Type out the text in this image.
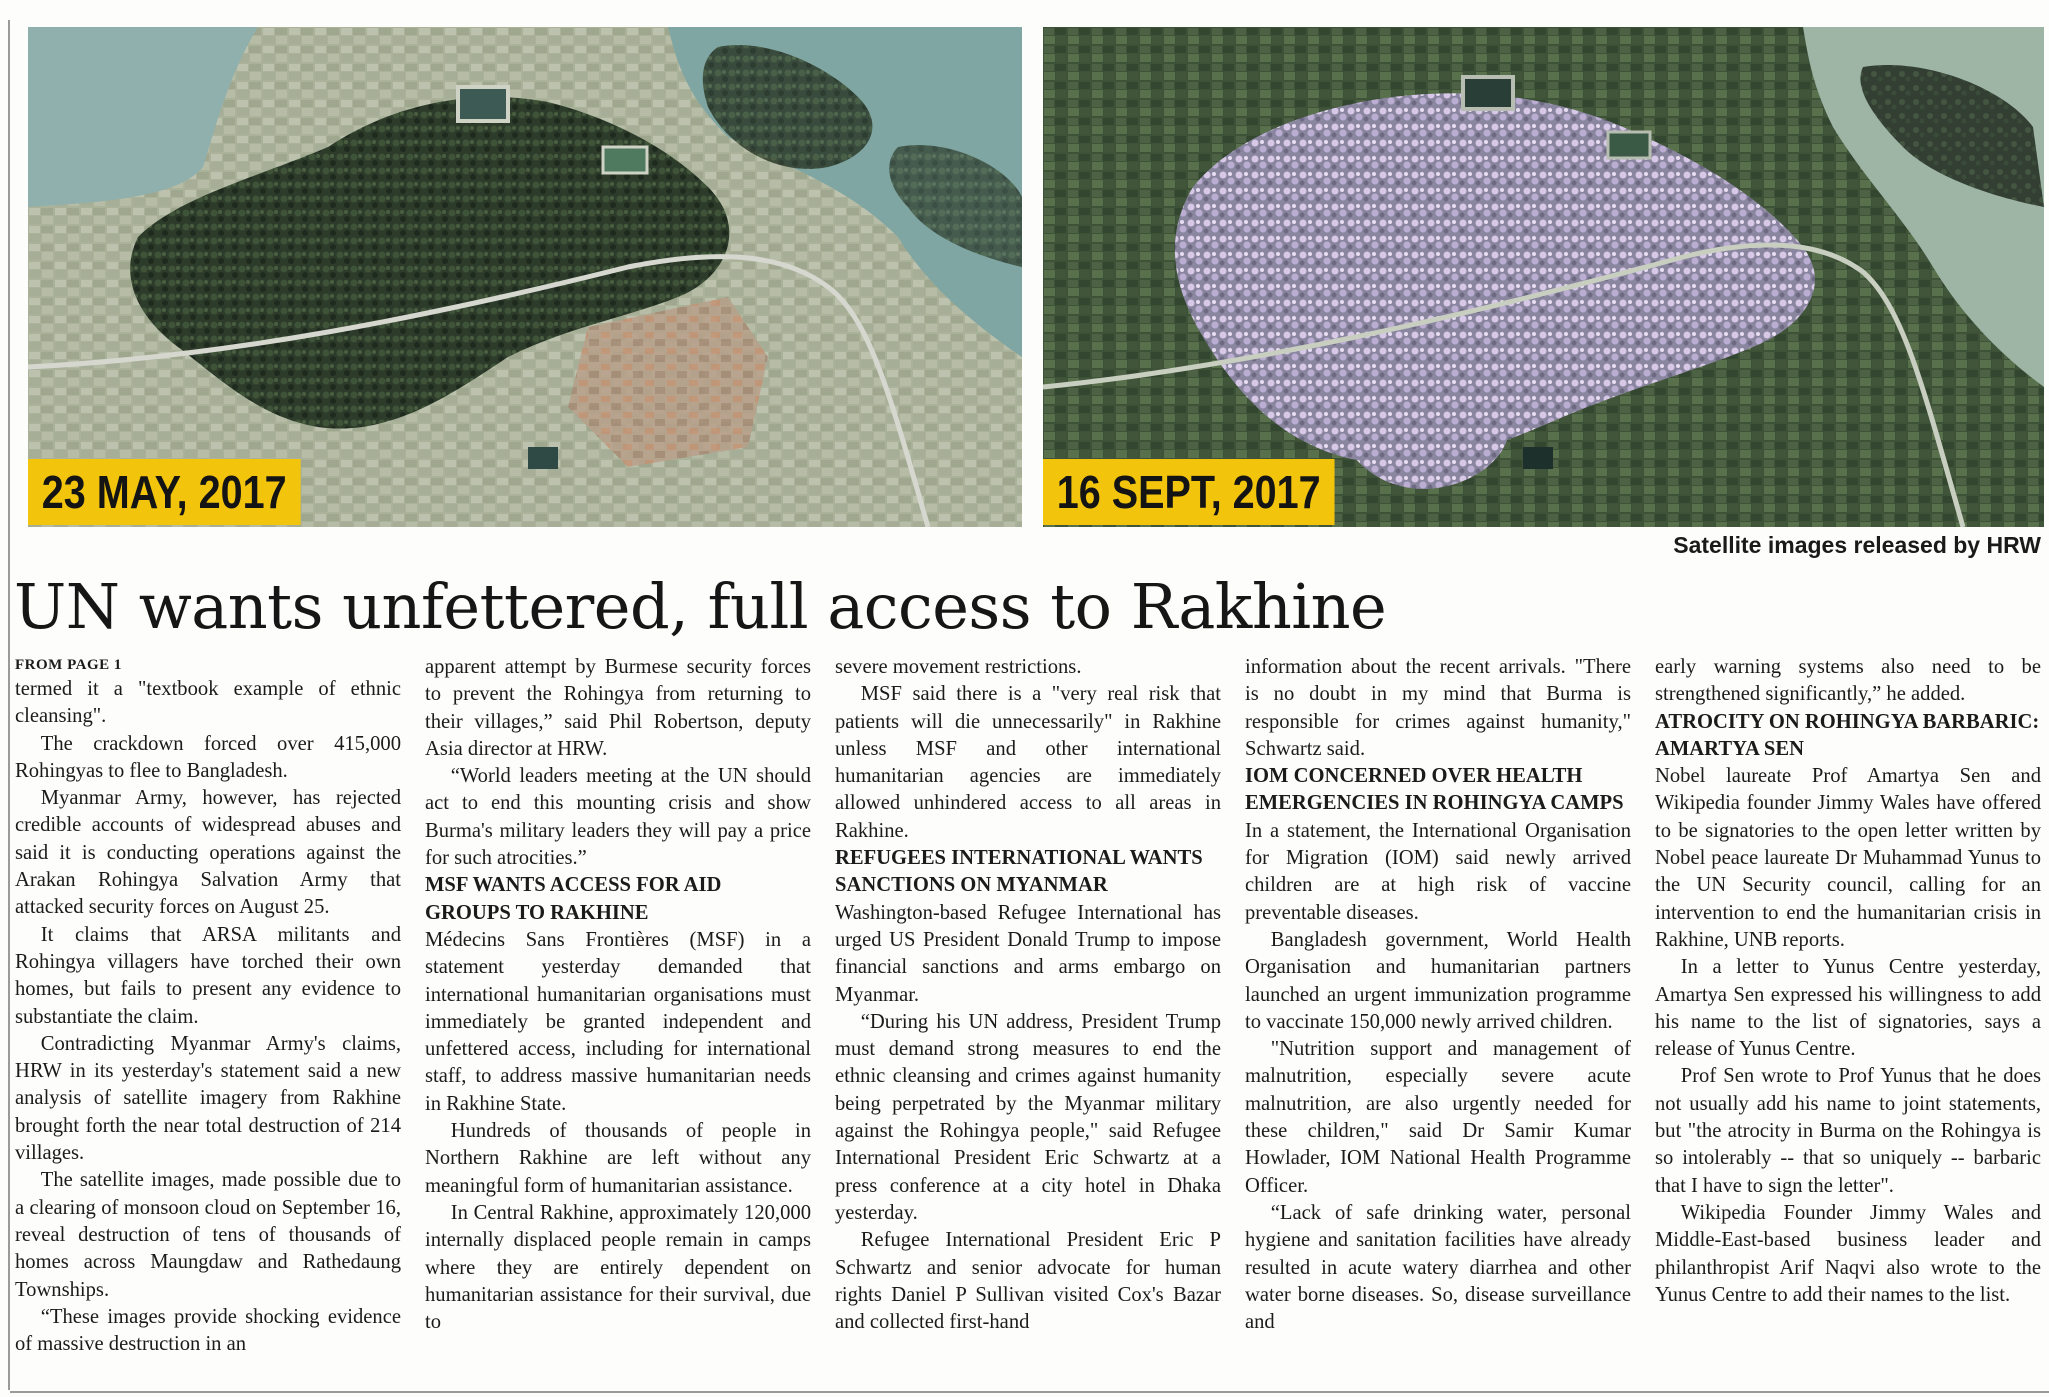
23 MAY, 2017	16 SEPT, 2017
Satellite images released by HRW
UN wants unfettered, full access to Rakhine

FROM PAGE 1

termed it a "textbook example of ethnic cleansing".

The crackdown forced over 415,000 Rohingyas to flee to Bangladesh.

Myanmar Army, however, has rejected credible accounts of widespread abuses and said it is conducting operations against the Arakan Rohingya Salvation Army that attacked security forces on August 25.

It claims that ARSA militants and Rohingya villagers have torched their own homes, but fails to present any evidence to substantiate the claim.

Contradicting Myanmar Army's claims, HRW in its yesterday's statement said a new analysis of satellite imagery from Rakhine brought forth the near total destruction of 214 villages.

The satellite images, made possible due to a clearing of monsoon cloud on September 16, reveal destruction of tens of thousands of homes across Maungdaw and Rathedaung Townships.

“These images provide shocking evidence of massive destruction in an

apparent attempt by Burmese security forces to prevent the Rohingya from returning to their villages,” said Phil Robertson, deputy Asia director at HRW.

“World leaders meeting at the UN should act to end this mounting crisis and show Burma's military leaders they will pay a price for such atrocities.”

MSF WANTS ACCESS FOR AID GROUPS TO RAKHINE

Médecins Sans Frontières (MSF) in a statement yesterday demanded that international humanitarian organisations must immediately be granted independent and unfettered access, including for international staff, to address massive humanitarian needs in Rakhine State.

Hundreds of thousands of people in Northern Rakhine are left without any meaningful form of humanitarian assistance.

In Central Rakhine, approximately 120,000 internally displaced people remain in camps where they are entirely dependent on humanitarian assistance for their survival, due to

severe movement restrictions.

MSF said there is a "very real risk that patients will die unnecessarily" in Rakhine unless MSF and other international humanitarian agencies are immediately allowed unhindered access to all areas in Rakhine.

REFUGEES INTERNATIONAL WANTS SANCTIONS ON MYANMAR

Washington-based Refugee International has urged US President Donald Trump to impose financial sanctions and arms embargo on Myanmar.

“During his UN address, President Trump must demand strong measures to end the ethnic cleansing and crimes against humanity being perpetrated by the Myanmar military against the Rohingya people," said Refugee International President Eric Schwartz at a press conference at a city hotel in Dhaka yesterday.

Refugee International President Eric P Schwartz and senior advocate for human rights Daniel P Sullivan visited Cox's Bazar and collected first-hand

information about the recent arrivals. "There is no doubt in my mind that Burma is responsible for crimes against humanity," Schwartz said.

IOM CONCERNED OVER HEALTH EMERGENCIES IN ROHINGYA CAMPS

In a statement, the International Organisation for Migration (IOM) said newly arrived children are at high risk of vaccine preventable diseases.

Bangladesh government, World Health Organisation and humanitarian partners launched an urgent immunization programme to vaccinate 150,000 newly arrived children.

"Nutrition support and management of malnutrition, especially severe acute malnutrition, are also urgently needed for these children," said Dr Samir Kumar Howlader, IOM National Health Programme Officer.

“Lack of safe drinking water, personal hygiene and sanitation facilities have already resulted in acute watery diarrhea and other water borne diseases. So, disease surveillance and

early warning systems also need to be strengthened significantly,” he added.

ATROCITY ON ROHINGYA BARBARIC: AMARTYA SEN

Nobel laureate Prof Amartya Sen and Wikipedia founder Jimmy Wales have offered to be signatories to the open letter written by Nobel peace laureate Dr Muhammad Yunus to the UN Security council, calling for an intervention to end the humanitarian crisis in Rakhine, UNB reports.

In a letter to Yunus Centre yesterday, Amartya Sen expressed his willingness to add his name to the list of signatories, says a release of Yunus Centre.

Prof Sen wrote to Prof Yunus that he does not usually add his name to joint statements, but "the atrocity in Burma on the Rohingya is so intolerably -- that so uniquely -- barbaric that I have to sign the letter".

Wikipedia Founder Jimmy Wales and Middle-East-based business leader and philanthropist Arif Naqvi also wrote to the Yunus Centre to add their names to the list.
